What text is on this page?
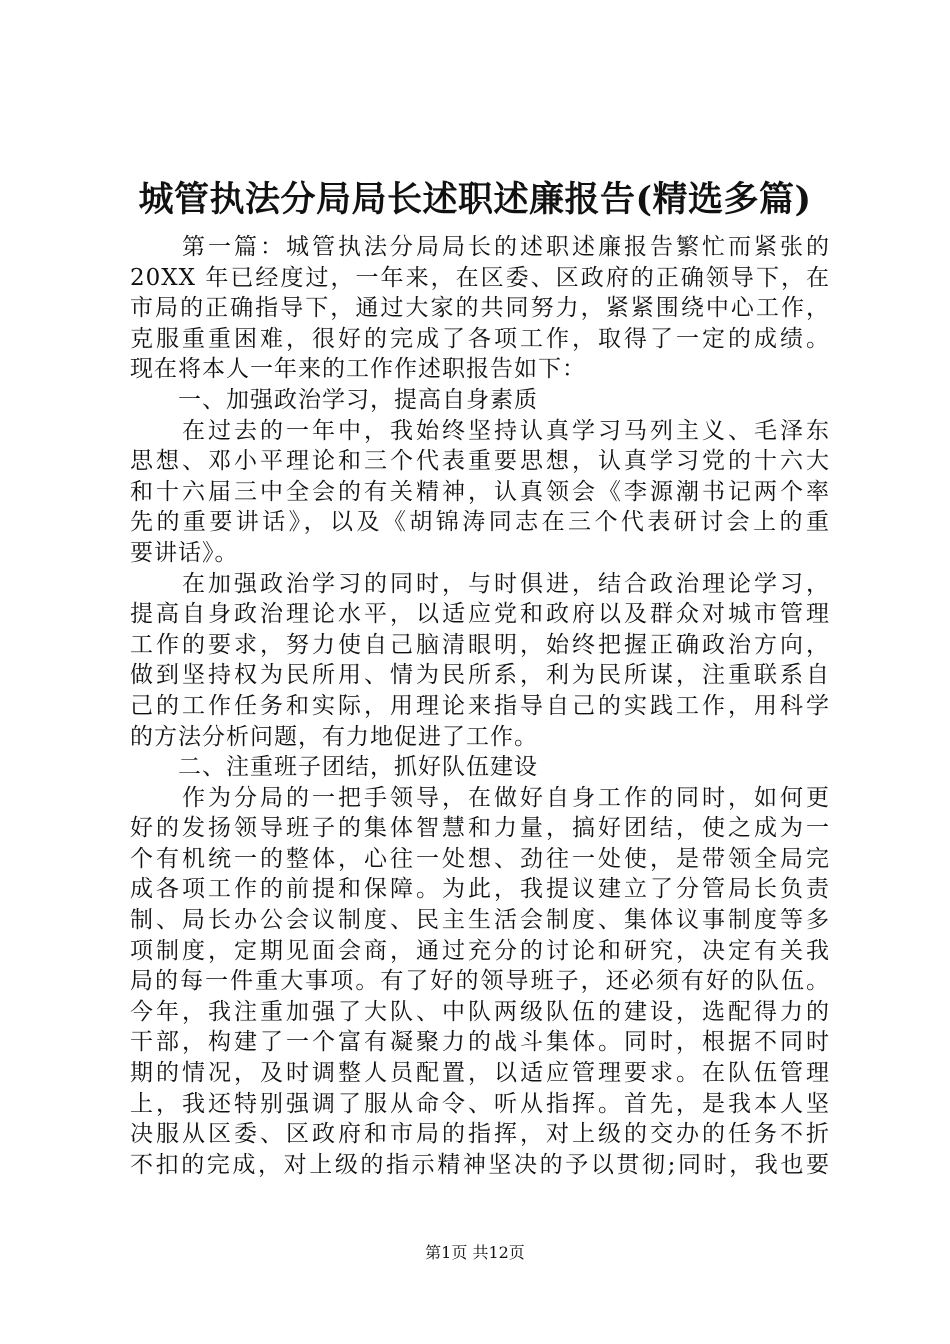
城管执法分局局长述职述廉报告(精选多篇)
　　第一篇：城管执法分局局长的述职述廉报告繁忙而紧张的
20XX 年已经度过，一年来，在区委、区政府的正确领导下，在
市局的正确指导下，通过大家的共同努力，紧紧围绕中心工作，
克服重重困难，很好的完成了各项工作，取得了一定的成绩。
现在将本人一年来的工作作述职报告如下：
　　一、加强政治学习，提高自身素质
　　在过去的一年中，我始终坚持认真学习马列主义、毛泽东
思想、邓小平理论和三个代表重要思想，认真学习党的十六大
和十六届三中全会的有关精神，认真领会《李源潮书记两个率
先的重要讲话》，以及《胡锦涛同志在三个代表研讨会上的重
要讲话》。
　　在加强政治学习的同时，与时俱进，结合政治理论学习，
提高自身政治理论水平，以适应党和政府以及群众对城市管理
工作的要求，努力使自己脑清眼明，始终把握正确政治方向，
做到坚持权为民所用、情为民所系，利为民所谋，注重联系自
己的工作任务和实际，用理论来指导自己的实践工作，用科学
的方法分析问题，有力地促进了工作。
　　二、注重班子团结，抓好队伍建设
　　作为分局的一把手领导，在做好自身工作的同时，如何更
好的发扬领导班子的集体智慧和力量，搞好团结，使之成为一
个有机统一的整体，心往一处想、劲往一处使，是带领全局完
成各项工作的前提和保障。为此，我提议建立了分管局长负责
制、局长办公会议制度、民主生活会制度、集体议事制度等多
项制度，定期见面会商，通过充分的讨论和研究，决定有关我
局的每一件重大事项。有了好的领导班子，还必须有好的队伍。
今年，我注重加强了大队、中队两级队伍的建设，选配得力的
干部，构建了一个富有凝聚力的战斗集体。同时，根据不同时
期的情况，及时调整人员配置，以适应管理要求。在队伍管理
上，我还特别强调了服从命令、听从指挥。首先，是我本人坚
决服从区委、区政府和市局的指挥，对上级的交办的任务不折
不扣的完成，对上级的指示精神坚决的予以贯彻;同时，我也要
第1页 共12页
